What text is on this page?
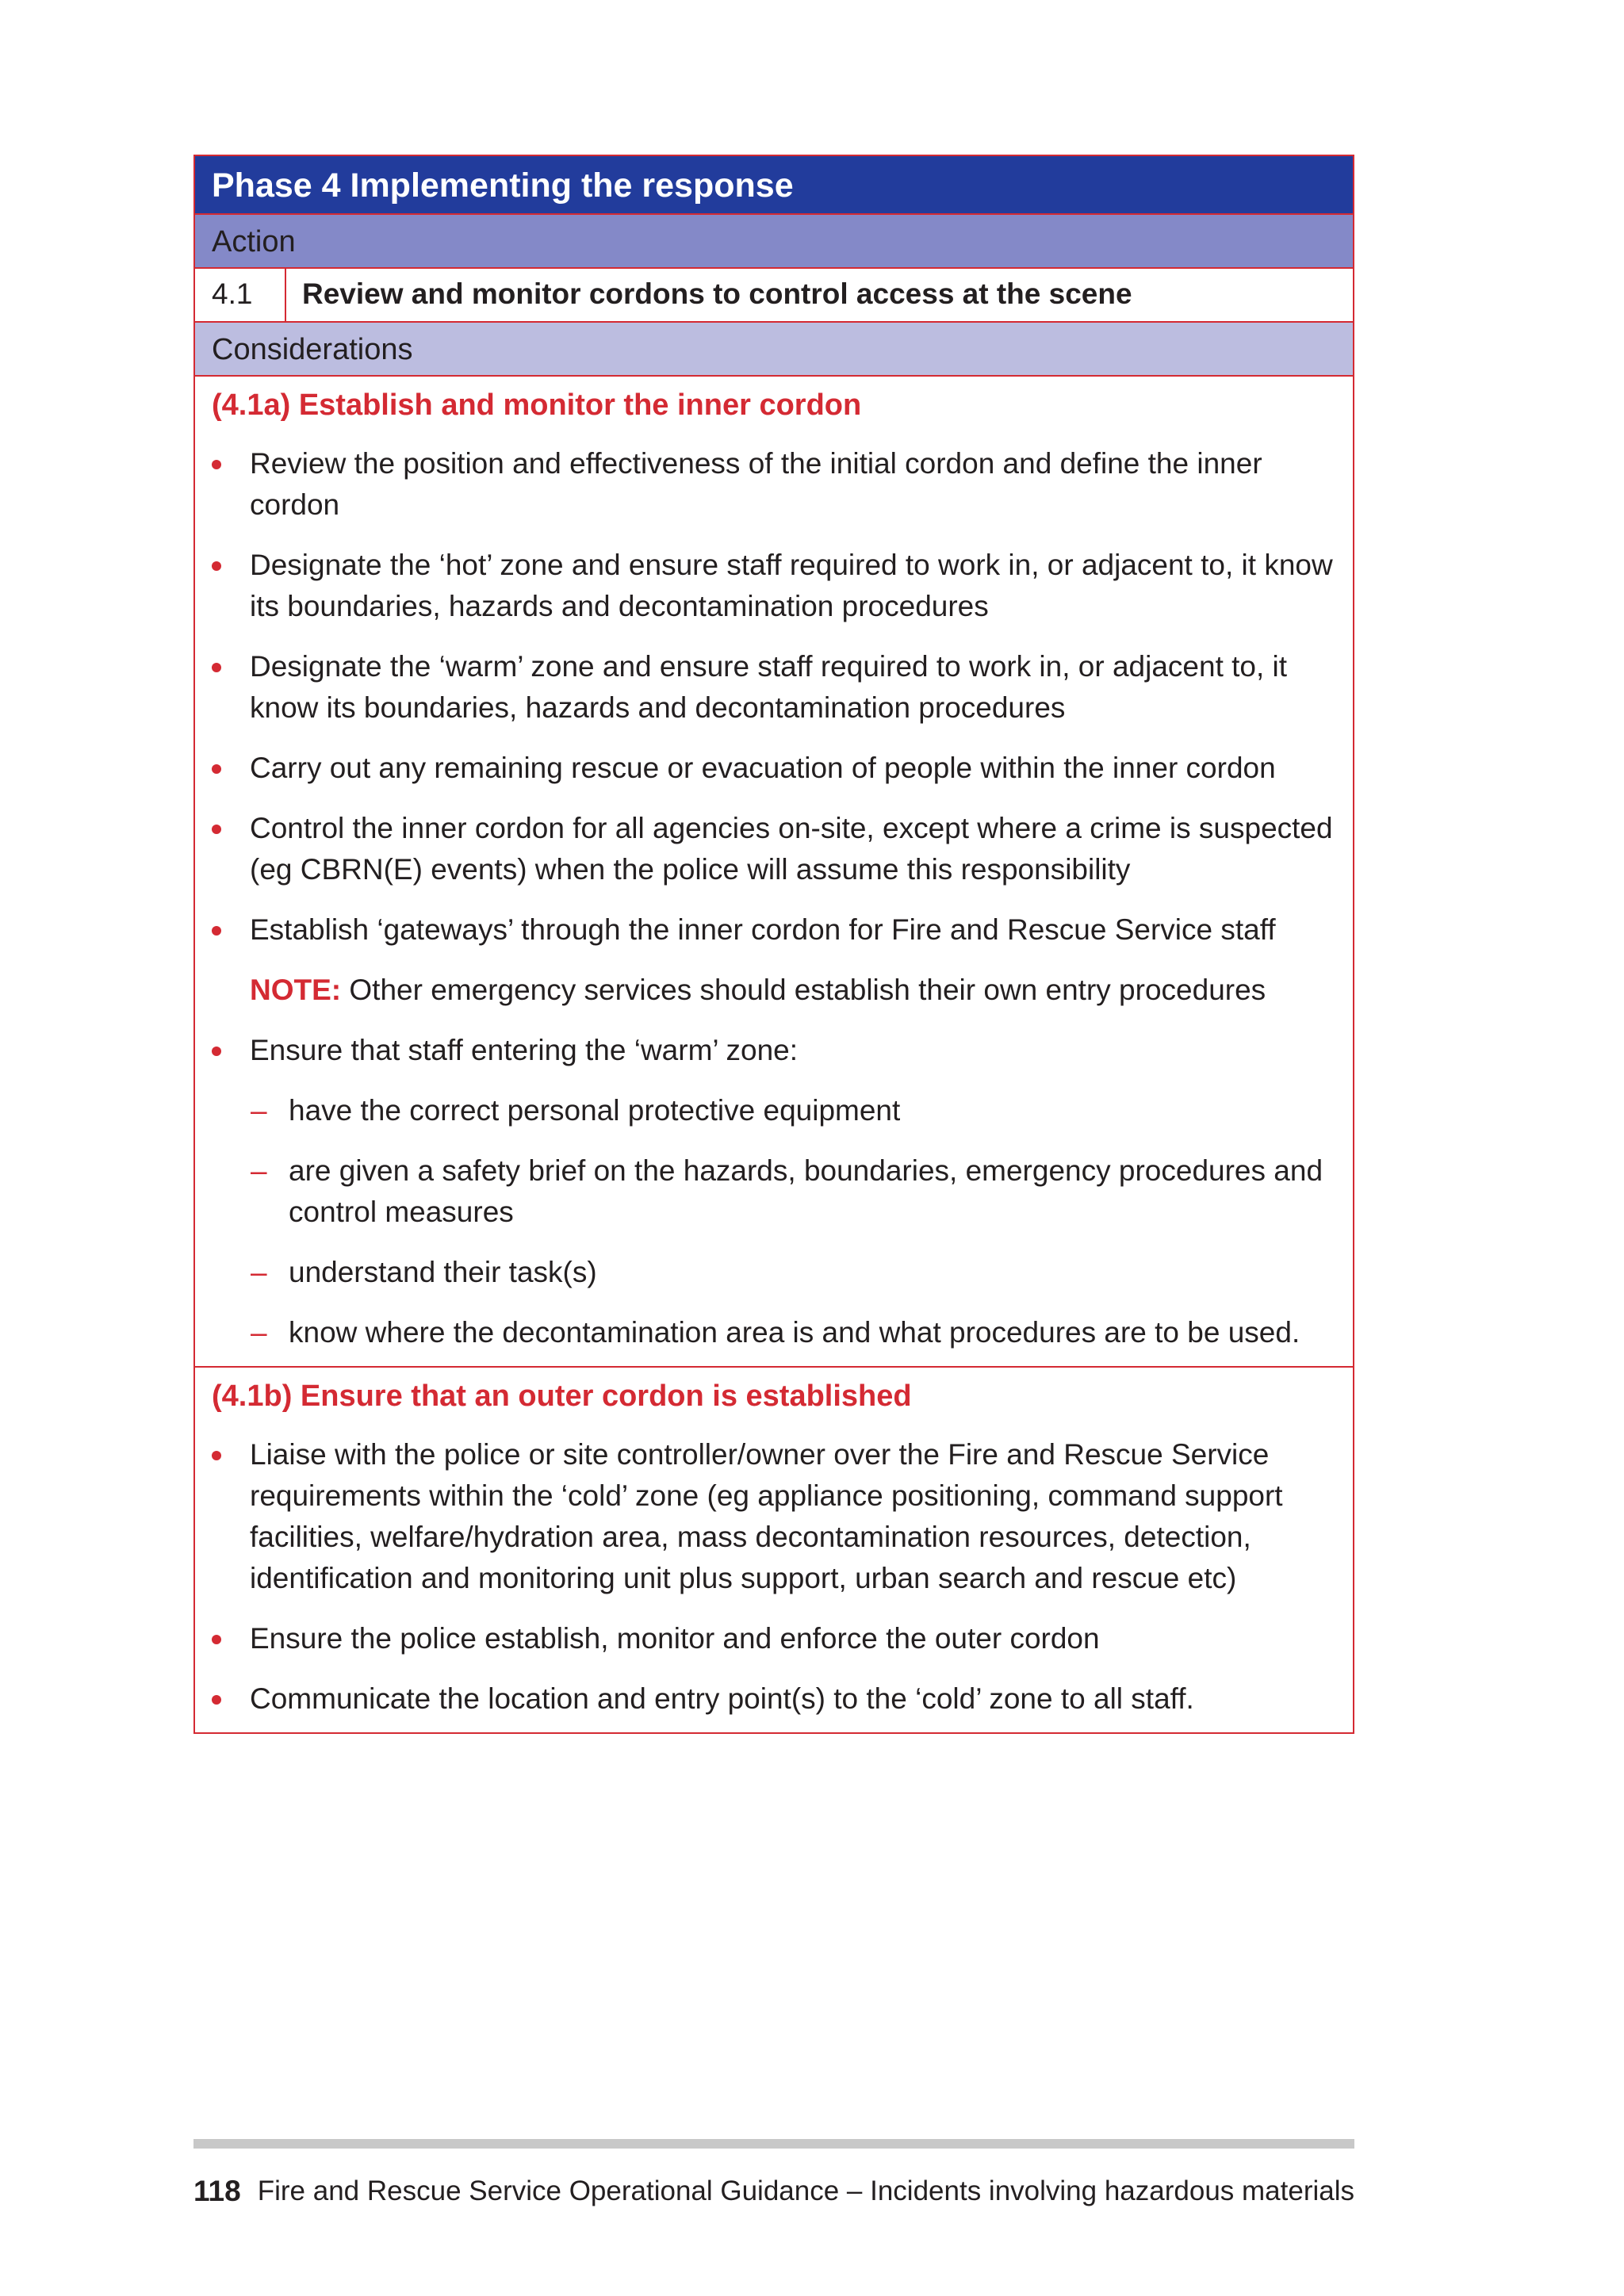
Phase 4 Implementing the response
Action
4.1	Review and monitor cordons to control access at the scene
Considerations
(4.1a) Establish and monitor the inner cordon
Review the position and effectiveness of the initial cordon and define the inner cordon
Designate the ‘hot’ zone and ensure staff required to work in, or adjacent to, it know its boundaries, hazards and decontamination procedures
Designate the ‘warm’ zone and ensure staff required to work in, or adjacent to, it know its boundaries, hazards and decontamination procedures
Carry out any remaining rescue or evacuation of people within the inner cordon
Control the inner cordon for all agencies on-site, except where a crime is suspected (eg CBRN(E) events) when the police will assume this responsibility
Establish ‘gateways’ through the inner cordon for Fire and Rescue Service staff
NOTE: Other emergency services should establish their own entry procedures
Ensure that staff entering the ‘warm’ zone:
– have the correct personal protective equipment
– are given a safety brief on the hazards, boundaries, emergency procedures and control measures
– understand their task(s)
– know where the decontamination area is and what procedures are to be used.
(4.1b) Ensure that an outer cordon is established
Liaise with the police or site controller/owner over the Fire and Rescue Service requirements within the ‘cold’ zone (eg appliance positioning, command support facilities, welfare/hydration area, mass decontamination resources, detection, identification and monitoring unit plus support, urban search and rescue etc)
Ensure the police establish, monitor and enforce the outer cordon
Communicate the location and entry point(s) to the ‘cold’ zone to all staff.
118 Fire and Rescue Service Operational Guidance – Incidents involving hazardous materials
